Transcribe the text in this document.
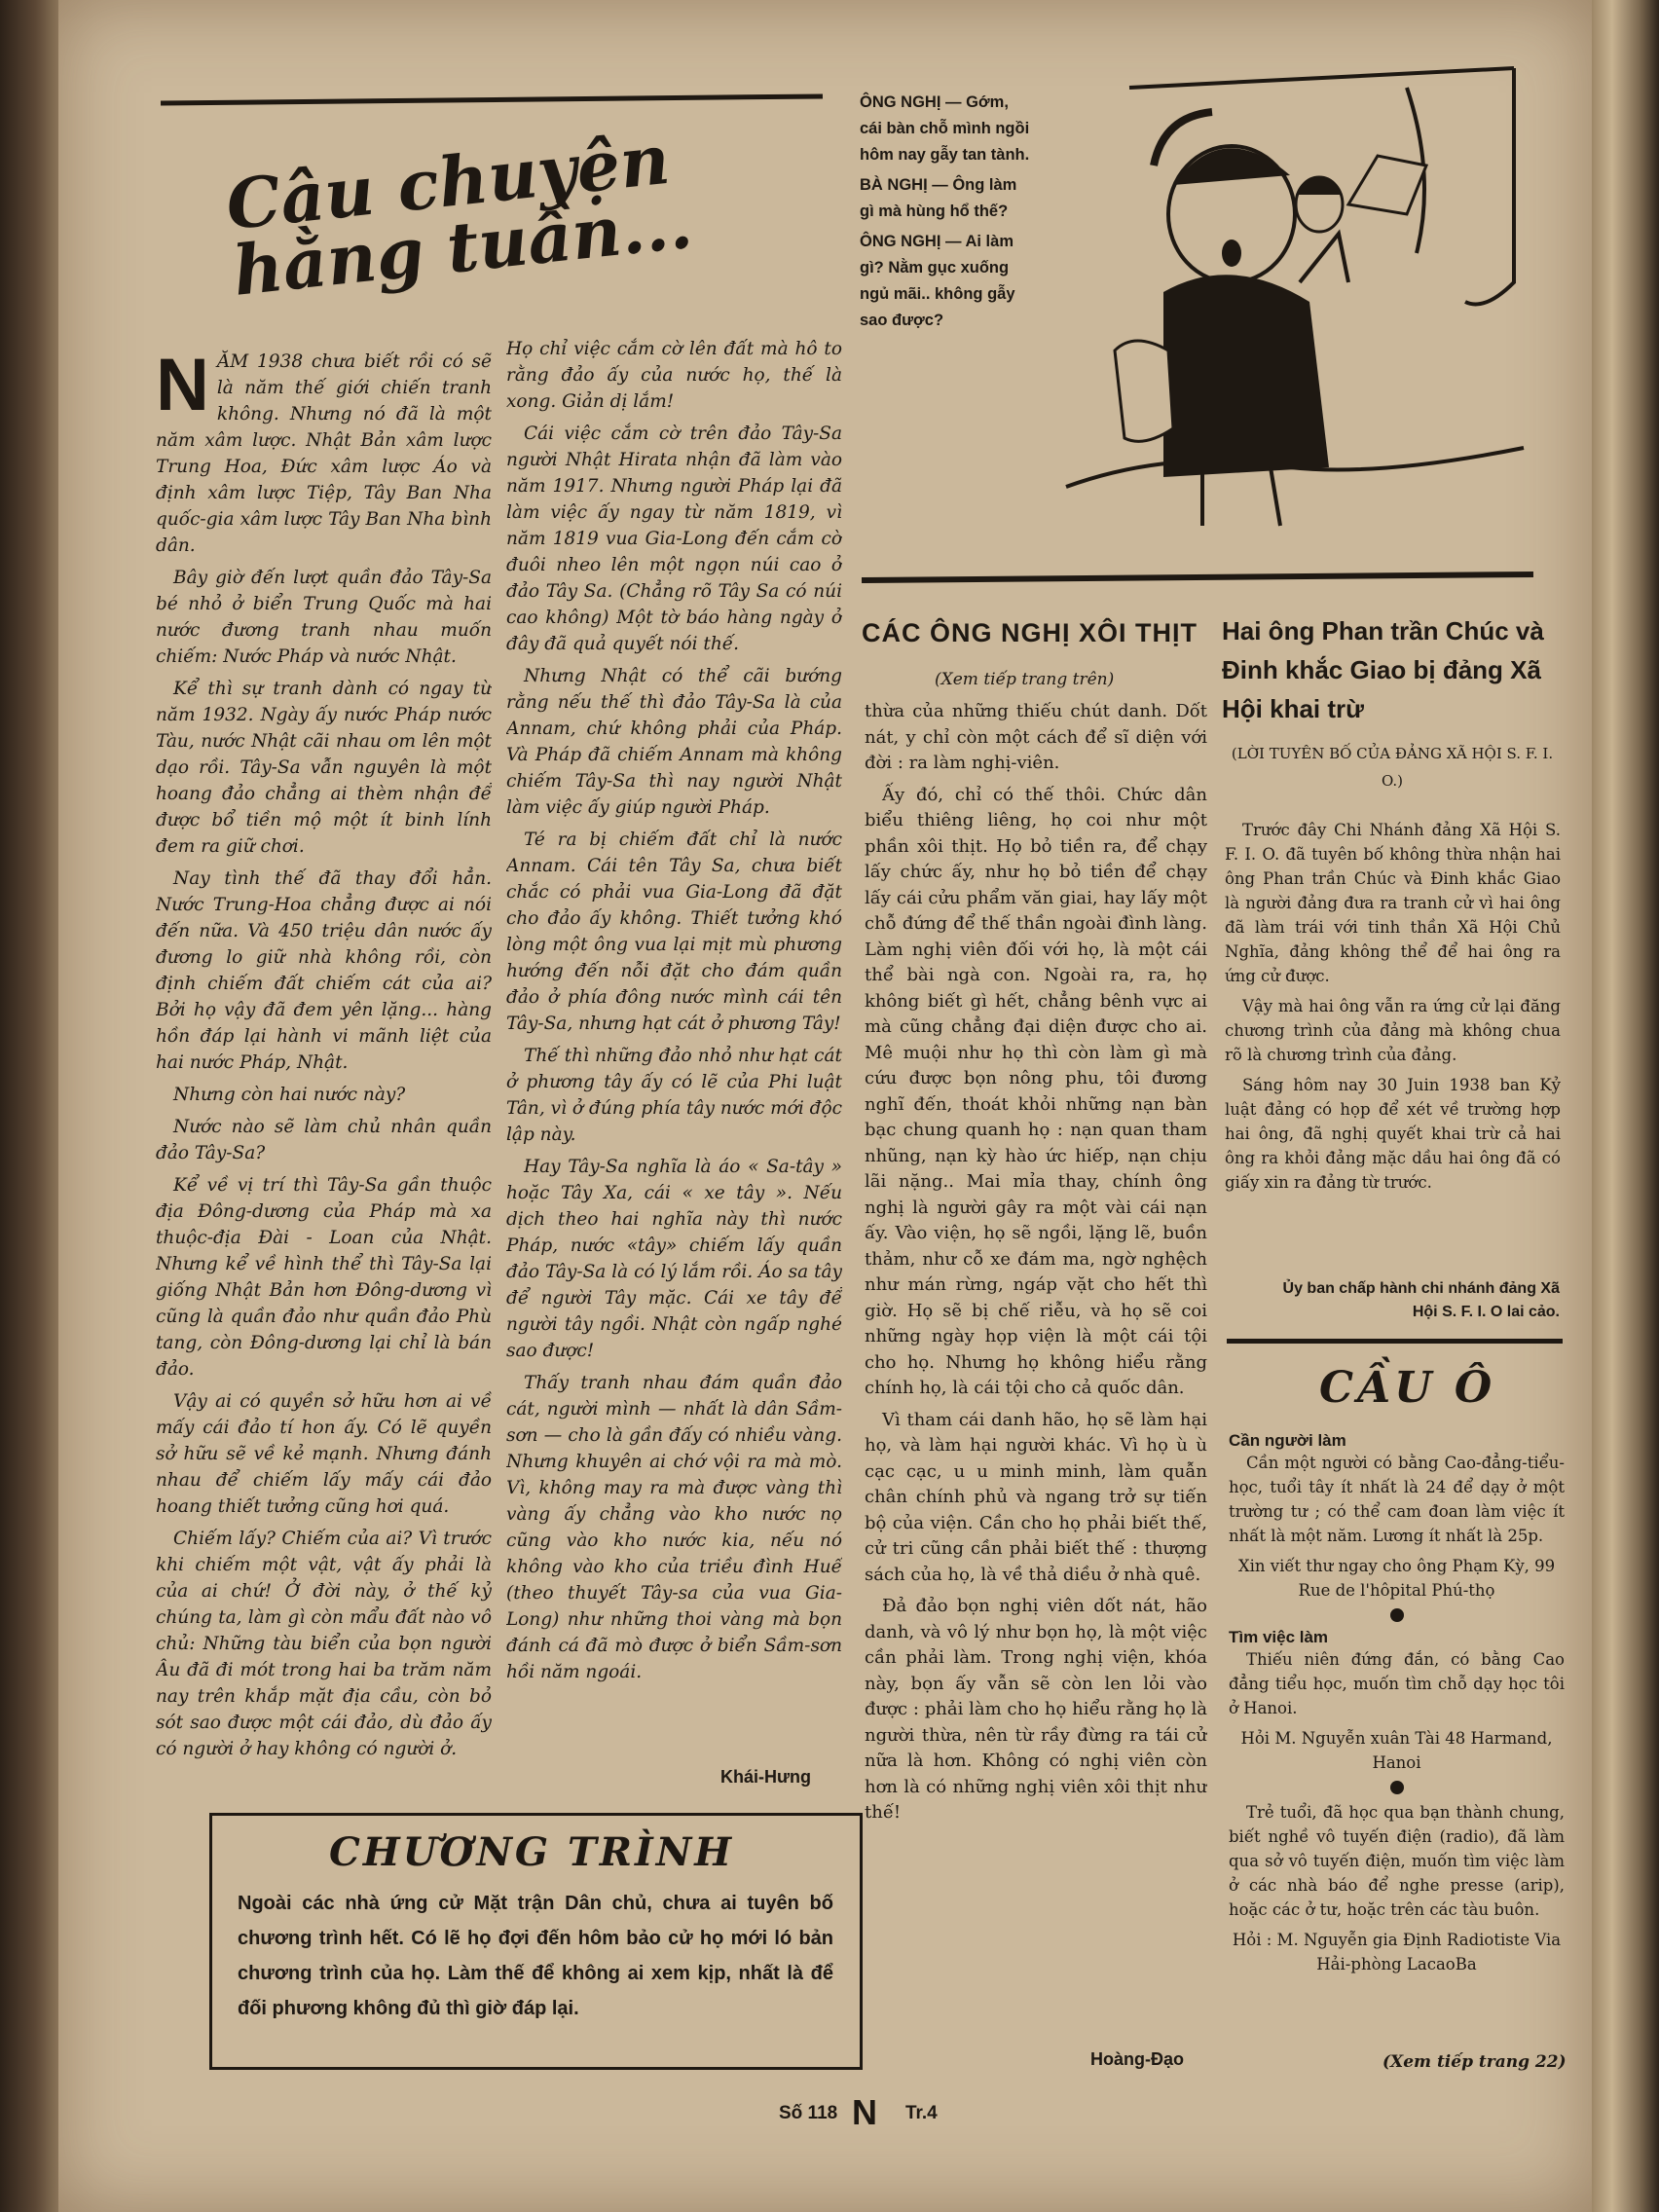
Câu chuyện hằng tuần...
N ĂM 1938 chưa biết rồi có sẽ là năm thế giới chiến tranh không. Nhưng nó đã là một năm xâm lược. Nhật Bản xâm lược Trung Hoa, Đức xâm lược Áo và định xâm lược Tiệp, Tây Ban Nha quốc-gia xâm lược Tây Ban Nha bình dân.

Bây giờ đến lượt quần đảo Tây-Sa bé nhỏ ở biển Trung Quốc mà hai nước đương tranh nhau muốn chiếm: Nước Pháp và nước Nhật.

Kể thì sự tranh dành có ngay từ năm 1932. Ngày ấy nước Pháp nước Tàu, nước Nhật cãi nhau om lên một dạo rồi. Tây-Sa vẫn nguyên là một hoang đảo chẳng ai thèm nhận để được bổ tiền mộ một ít binh lính đem ra giữ chơi.

Nay tình thế đã thay đổi hẳn. Nước Trung-Hoa chẳng được ai nói đến nữa. Và 450 triệu dân nước ấy đương lo giữ nhà không rồi, còn định chiếm đất chiếm cát của ai? Bởi họ vậy đã đem yên lặng... hàng hồn đáp lại hành vi mãnh liệt của hai nước Pháp, Nhật.

Nhưng còn hai nước này?

Nước nào sẽ làm chủ nhân quần đảo Tây-Sa?

Kể về vị trí thì Tây-Sa gần thuộc địa Đông-dương của Pháp mà xa thuộc-địa Đài - Loan của Nhật. Nhưng kể về hình thể thì Tây-Sa lại giống Nhật Bản hơn Đông-dương vì cũng là quần đảo như quần đảo Phù tang, còn Đông-dương lại chỉ là bán đảo.

Vậy ai có quyền sở hữu hơn ai về mấy cái đảo tí hon ấy. Có lẽ quyền sở hữu sẽ về kẻ mạnh. Nhưng đánh nhau để chiếm lấy mấy cái đảo hoang thiết tưởng cũng hơi quá.

Chiếm lấy? Chiếm của ai? Vì trước khi chiếm một vật, vật ấy phải là của ai chứ! Ở đời này, ở thế kỷ chúng ta, làm gì còn mẩu đất nào vô chủ: Những tàu biển của bọn người Âu đã đi mót trong hai ba trăm năm nay trên khắp mặt địa cầu, còn bỏ sót sao được một cái đảo, dù đảo ấy có người ở hay không có người ở.

Họ chỉ việc cắm cờ lên đất mà hô to rằng đảo ấy của nước họ, thế là xong. Giản dị lắm!

Cái việc cắm cờ trên đảo Tây-Sa người Nhật Hirata nhận đã làm vào năm 1917. Nhưng người Pháp lại đã làm việc ấy ngay từ năm 1819, vì năm 1819 vua Gia-Long đến cắm cờ đuôi nheo lên một ngọn núi cao ở đảo Tây Sa. (Chẳng rõ Tây Sa có núi cao không) Một tờ báo hàng ngày ở đây đã quả quyết nói thế.

Nhưng Nhật có thể cãi bướng rằng nếu thế thì đảo Tây-Sa là của Annam, chứ không phải của Pháp. Và Pháp đã chiếm Annam mà không chiếm Tây-Sa thì nay người Nhật làm việc ấy giúp người Pháp.

Té ra bị chiếm đất chỉ là nước Annam. Cái tên Tây Sa, chưa biết chắc có phải vua Gia-Long đã đặt cho đảo ấy không. Thiết tưởng khó lòng một ông vua lại mịt mù phương hướng đến nỗi đặt cho đám quần đảo ở phía đông nước mình cái tên Tây-Sa, nhưng hạt cát ở phương Tây!

Thế thì những đảo nhỏ như hạt cát ở phương tây ấy có lẽ của Phi luật Tân, vì ở đúng phía tây nước mới độc lập này.

Hay Tây-Sa nghĩa là áo « Sa-tây » hoặc Tây Xa, cái « xe tây ». Nếu dịch theo hai nghĩa này thì nước Pháp, nước «tây» chiếm lấy quần đảo Tây-Sa là có lý lắm rồi. Áo sa tây để người Tây mặc. Cái xe tây để người tây ngồi. Nhật còn ngấp nghé sao được!

Thấy tranh nhau đám quần đảo cát, người mình — nhất là dân Sầm-sơn — cho là gần đấy có nhiều vàng. Nhưng khuyên ai chớ vội ra mà mò. Vì, không may ra mà được vàng thì vàng ấy chẳng vào kho nước nọ cũng vào kho nước kia, nếu nó không vào kho của triều đình Huế (theo thuyết Tây-sa của vua Gia-Long) như những thoi vàng mà bọn đánh cá đã mò được ở biển Sầm-sơn hồi năm ngoái.

Khái-Hưng
CHƯƠNG TRÌNH
Ngoài các nhà ứng cử Mặt trận Dân chủ, chưa ai tuyên bố chương trình hết. Có lẽ họ đợi đến hôm bảo cử họ mới ló bản chương trình của họ. Làm thế để không ai xem kịp, nhất là để đối phương không đủ thì giờ đáp lại.

ÔNG NGHỊ — Gớm, cái bàn chỗ mình ngồi hôm nay gẫy tan tành.

BÀ NGHỊ — Ông làm gì mà hùng hổ thế?

ÔNG NGHỊ — Ai làm gì? Nằm gục xuống ngủ mãi.. không gẫy sao được?

CÁC ÔNG NGHỊ XÔI THỊT
(Xem tiếp trang trên)

thừa của những thiếu chút danh. Dốt nát, y chỉ còn một cách để sĩ diện với đời : ra làm nghị-viên.

Ấy đó, chỉ có thế thôi. Chức dân biểu thiêng liêng, họ coi như một phần xôi thịt. Họ bỏ tiền ra, để chạy lấy chức ấy, như họ bỏ tiền để chạy lấy cái cửu phẩm văn giai, hay lấy một chỗ đứng để thế thần ngoài đình làng. Làm nghị viên đối với họ, là một cái thể bài ngà con. Ngoài ra, ra, họ không biết gì hết, chẳng bênh vực ai mà cũng chẳng đại diện được cho ai. Mê muội như họ thì còn làm gì mà cứu được bọn nông phu, tôi đương nghĩ đến, thoát khỏi những nạn bàn bạc chung quanh họ : nạn quan tham nhũng, nạn kỳ hào ức hiếp, nạn chịu lãi nặng.. Mai mỉa thay, chính ông nghị là người gây ra một vài cái nạn ấy. Vào viện, họ sẽ ngồi, lặng lẽ, buồn thảm, như cỗ xe đám ma, ngờ nghệch như mán rừng, ngáp vặt cho hết thì giờ. Họ sẽ bị chế riễu, và họ sẽ coi những ngày họp viện là một cái tội cho họ. Nhưng họ không hiểu rằng chính họ, là cái tội cho cả quốc dân.

Vì tham cái danh hão, họ sẽ làm hại họ, và làm hại người khác. Vì họ ù ù cạc cạc, u u minh minh, làm quẫn chân chính phủ và ngang trở sự tiến bộ của viện. Cần cho họ phải biết thế, cử tri cũng cần phải biết thế : thượng sách của họ, là về thả diều ở nhà quê.

Đả đảo bọn nghị viên dốt nát, hão danh, và vô lý như bọn họ, là một việc cần phải làm. Trong nghị viện, khóa này, bọn ấy vẫn sẽ còn len lỏi vào được : phải làm cho họ hiểu rằng họ là người thừa, nên từ rầy đừng ra tái cử nữa là hơn. Không có nghị viên còn hơn là có những nghị viên xôi thịt như thế!

Hoàng-Đạo
Hai ông Phan trần Chúc và Đinh khắc Giao bị đảng Xã Hội khai trừ
(LỜI TUYÊN BỐ CỦA ĐẢNG XÃ HỘI S. F. I. O.)

Trước đây Chi Nhánh đảng Xã Hội S. F. I. O. đã tuyên bố không thừa nhận hai ông Phan trần Chúc và Đinh khắc Giao là người đảng đưa ra tranh cử vì hai ông đã làm trái với tinh thần Xã Hội Chủ Nghĩa, đảng không thể để hai ông ra ứng cử được.

Vậy mà hai ông vẫn ra ứng cử lại đăng chương trình của đảng mà không chua rõ là chương trình của đảng.

Sáng hôm nay 30 Juin 1938 ban Kỷ luật đảng có họp để xét về trường hợp hai ông, đã nghị quyết khai trừ cả hai ông ra khỏi đảng mặc dầu hai ông đã có giấy xin ra đảng từ trước.

Ủy ban chấp hành chi nhánh đảng Xã Hội S. F. I. O lai cảo.
CẦU Ô
Cần người làm

Cần một người có bằng Cao-đẳng-tiểu-học, tuổi tây ít nhất là 24 để dạy ở một trường tư ; có thể cam đoan làm việc ít nhất là một năm. Lương ít nhất là 25p.

Xin viết thư ngay cho ông Phạm Kỳ, 99 Rue de l'hôpital Phú-thọ

Tìm việc làm

Thiếu niên đứng đắn, có bằng Cao đẳng tiểu học, muốn tìm chỗ dạy học tôi ở Hanoi.

Hỏi M. Nguyễn xuân Tài 48 Harmand, Hanoi

Trẻ tuổi, đã học qua bạn thành chung, biết nghề vô tuyến điện (radio), đã làm qua sở vô tuyến điện, muốn tìm việc làm ở các nhà báo để nghe presse (arip), hoặc các ở tư, hoặc trên các tàu buôn.

Hỏi : M. Nguyễn gia Định Radiotiste Via Hải-phòng LacaoBa

(Xem tiếp trang 22)
Số 118 N	Tr.4
